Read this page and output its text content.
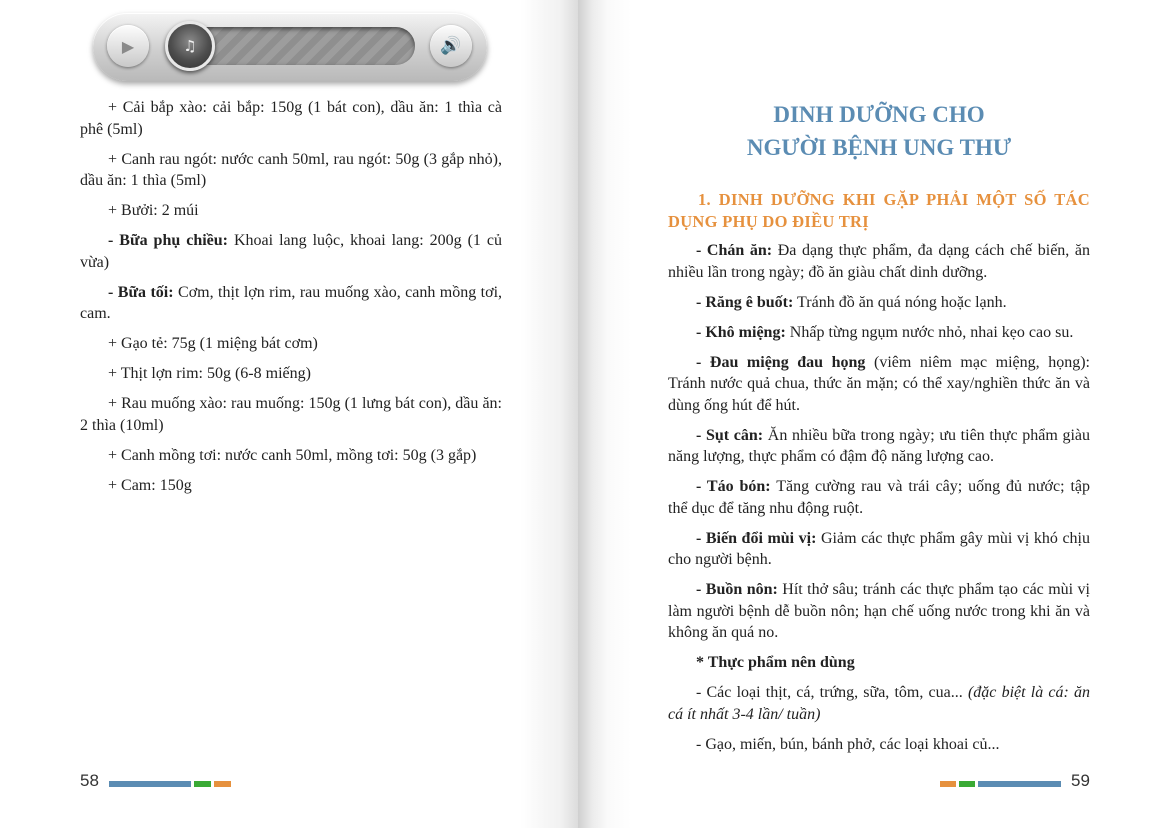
▶	♫	🔊

+ Cải bắp xào: cải bắp: 150g (1 bát con), dầu ăn: 1 thìa cà phê (5ml)

+ Canh rau ngót: nước canh 50ml, rau ngót: 50g (3 gắp nhỏ), dầu ăn: 1 thìa (5ml)

+ Bưởi: 2 múi

- Bữa phụ chiều: Khoai lang luộc, khoai lang: 200g (1 củ vừa)

- Bữa tối: Cơm, thịt lợn rim, rau muống xào, canh mồng tơi, cam.

+ Gạo tẻ: 75g (1 miệng bát cơm)

+ Thịt lợn rim: 50g (6-8 miếng)

+ Rau muống xào: rau muống: 150g (1 lưng bát con), dầu ăn: 2 thìa (10ml)

+ Canh mồng tơi: nước canh 50ml, mồng tơi: 50g (3 gắp)

+ Cam: 150g

58
DINH DƯỠNG CHO
NGƯỜI BỆNH UNG THƯ

1. DINH DƯỠNG KHI GẶP PHẢI MỘT SỐ TÁC DỤNG PHỤ DO ĐIỀU TRỊ

- Chán ăn: Đa dạng thực phẩm, đa dạng cách chế biến, ăn nhiều lần trong ngày; đồ ăn giàu chất dinh dưỡng.

- Răng ê buốt: Tránh đồ ăn quá nóng hoặc lạnh.

- Khô miệng: Nhấp từng ngụm nước nhỏ, nhai kẹo cao su.

- Đau miệng đau họng (viêm niêm mạc miệng, họng): Tránh nước quả chua, thức ăn mặn; có thể xay/nghiền thức ăn và dùng ống hút để hút.

- Sụt cân: Ăn nhiều bữa trong ngày; ưu tiên thực phẩm giàu năng lượng, thực phẩm có đậm độ năng lượng cao.

- Táo bón: Tăng cường rau và trái cây; uống đủ nước; tập thể dục để tăng nhu động ruột.

- Biến đổi mùi vị: Giảm các thực phẩm gây mùi vị khó chịu cho người bệnh.

- Buồn nôn: Hít thở sâu; tránh các thực phẩm tạo các mùi vị làm người bệnh dễ buồn nôn; hạn chế uống nước trong khi ăn và không ăn quá no.

* Thực phẩm nên dùng

- Các loại thịt, cá, trứng, sữa, tôm, cua... (đặc biệt là cá: ăn cá ít nhất 3-4 lần/ tuần)

- Gạo, miến, bún, bánh phở, các loại khoai củ...

59
